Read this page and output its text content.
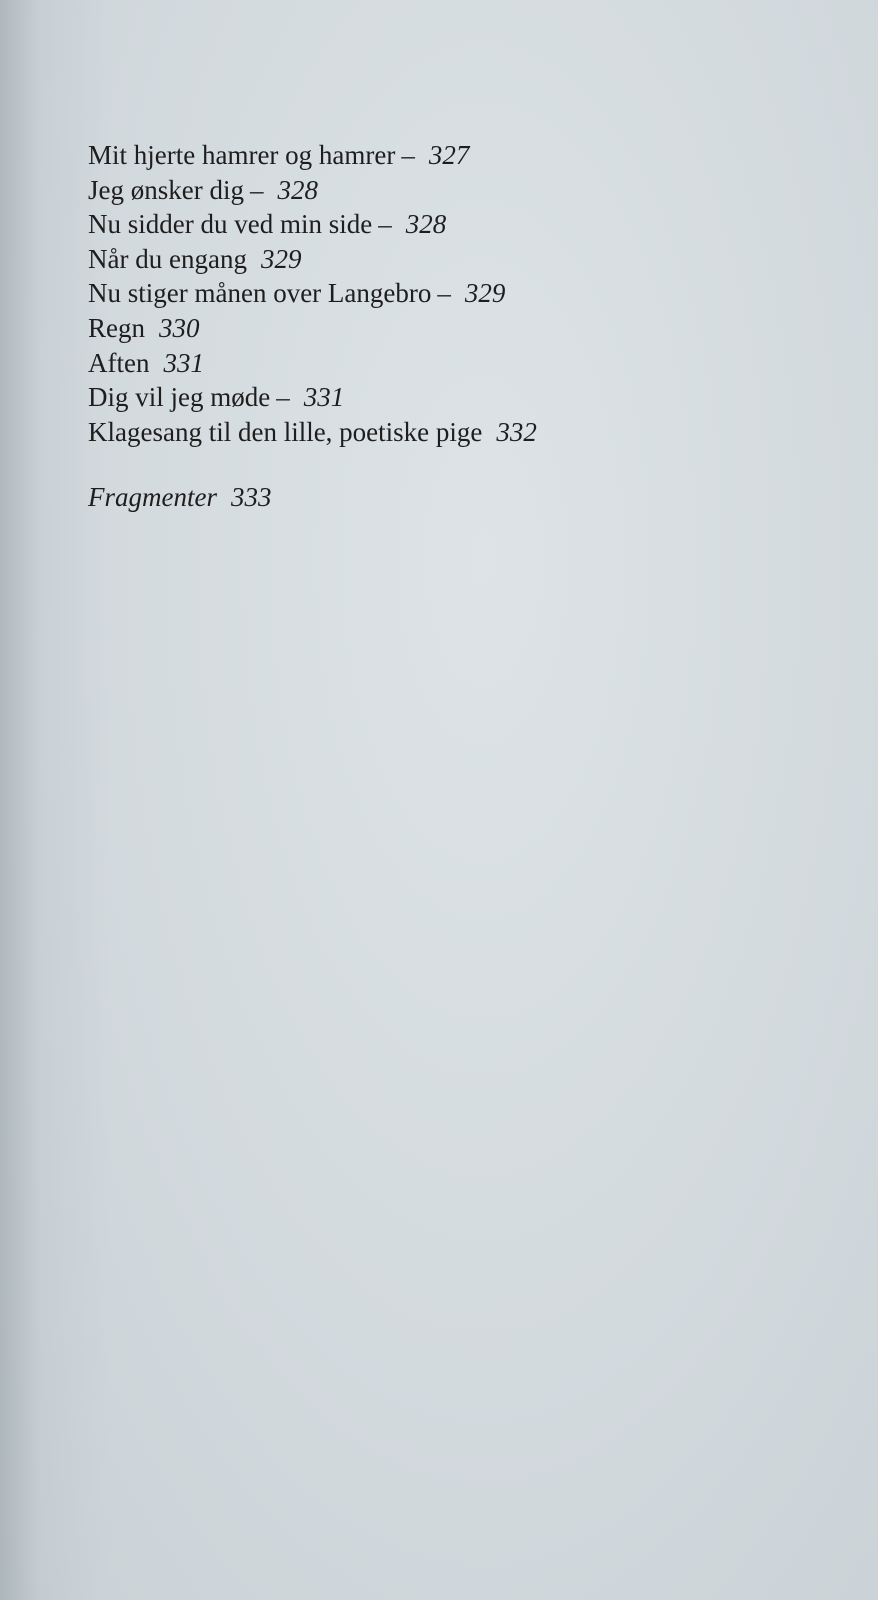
Mit hjerte hamrer og hamrer – 327
Jeg ønsker dig – 328
Nu sidder du ved min side – 328
Når du engang 329
Nu stiger månen over Langebro – 329
Regn 330
Aften 331
Dig vil jeg møde – 331
Klagesang til den lille, poetiske pige 332
Fragmenter 333
